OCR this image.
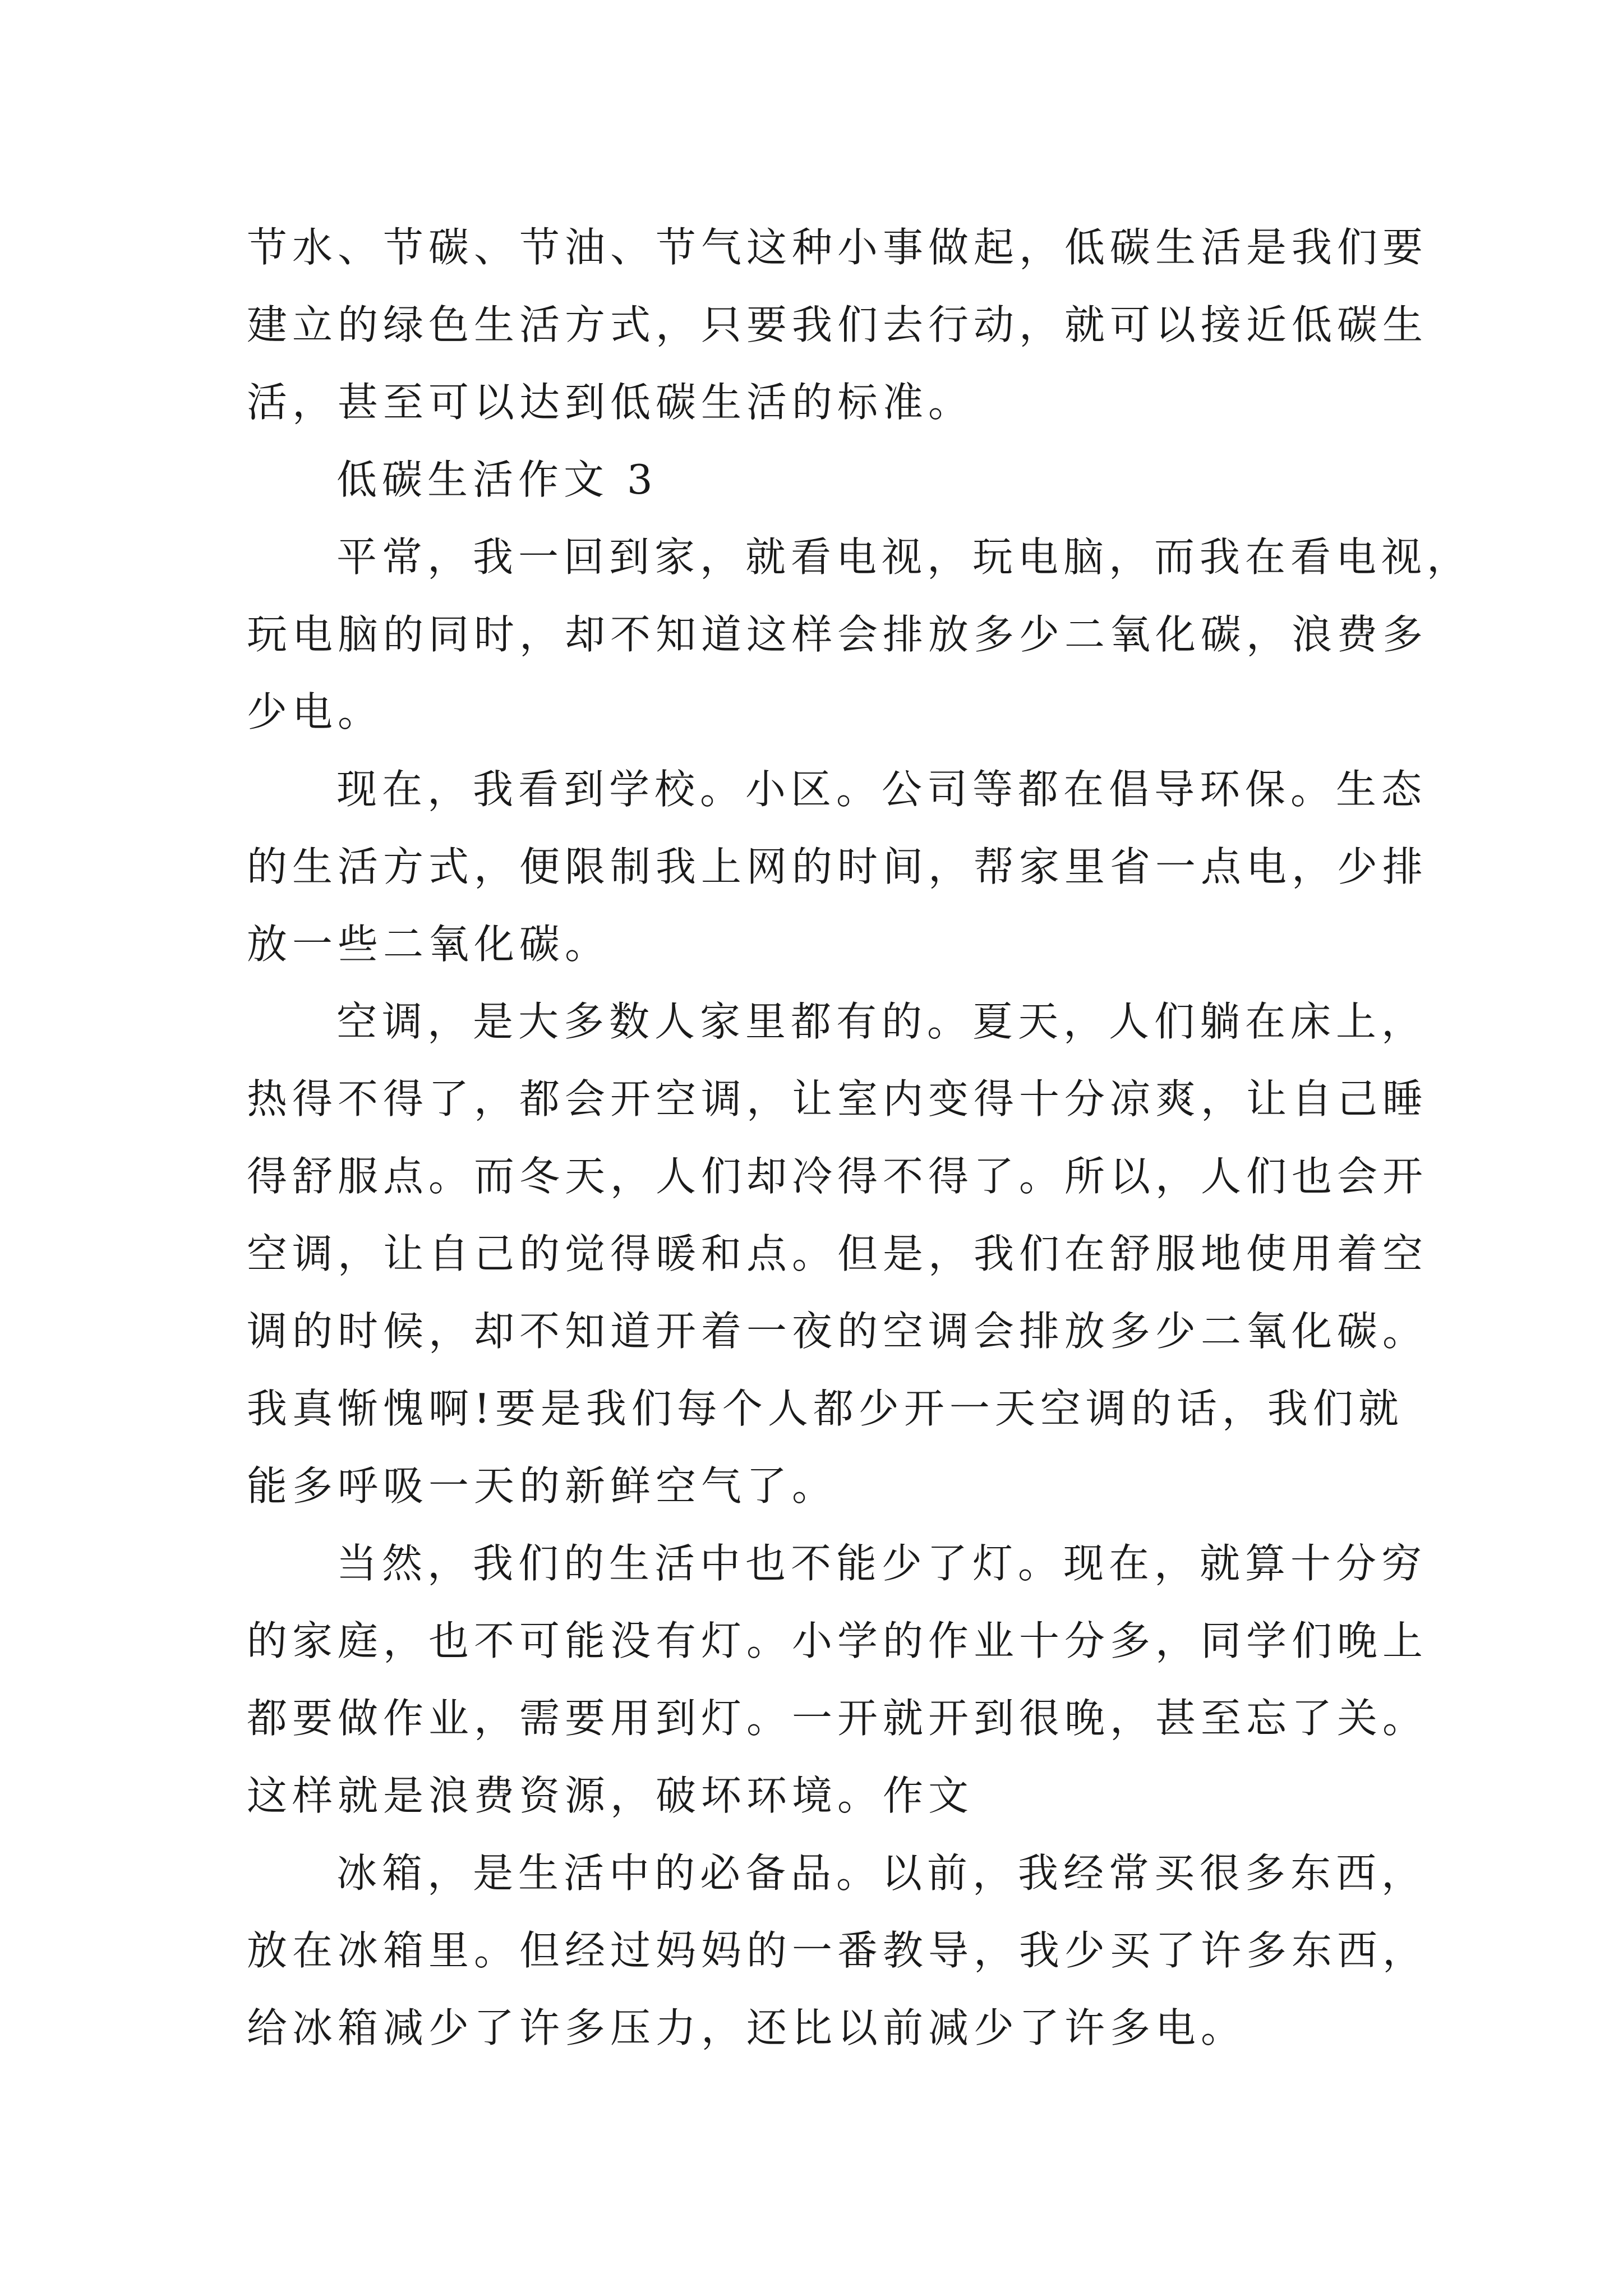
节水、节碳、节油、节气这种小事做起，低碳生活是我们要
建立的绿色生活方式，只要我们去行动，就可以接近低碳生
活，甚至可以达到低碳生活的标准。
低碳生活作文 3
平常，我一回到家，就看电视，玩电脑，而我在看电视，
玩电脑的同时，却不知道这样会排放多少二氧化碳，浪费多
少电。
现在，我看到学校。小区。公司等都在倡导环保。生态
的生活方式，便限制我上网的时间，帮家里省一点电，少排
放一些二氧化碳。
空调，是大多数人家里都有的。夏天，人们躺在床上，
热得不得了，都会开空调，让室内变得十分凉爽，让自己睡
得舒服点。而冬天，人们却冷得不得了。所以，人们也会开
空调，让自己的觉得暖和点。但是，我们在舒服地使用着空
调的时候，却不知道开着一夜的空调会排放多少二氧化碳。
我真惭愧啊!要是我们每个人都少开一天空调的话，我们就
能多呼吸一天的新鲜空气了。
当然，我们的生活中也不能少了灯。现在，就算十分穷
的家庭，也不可能没有灯。小学的作业十分多，同学们晚上
都要做作业，需要用到灯。一开就开到很晚，甚至忘了关。
这样就是浪费资源，破坏环境。作文
冰箱，是生活中的必备品。以前，我经常买很多东西，
放在冰箱里。但经过妈妈的一番教导，我少买了许多东西，
给冰箱减少了许多压力，还比以前减少了许多电。
